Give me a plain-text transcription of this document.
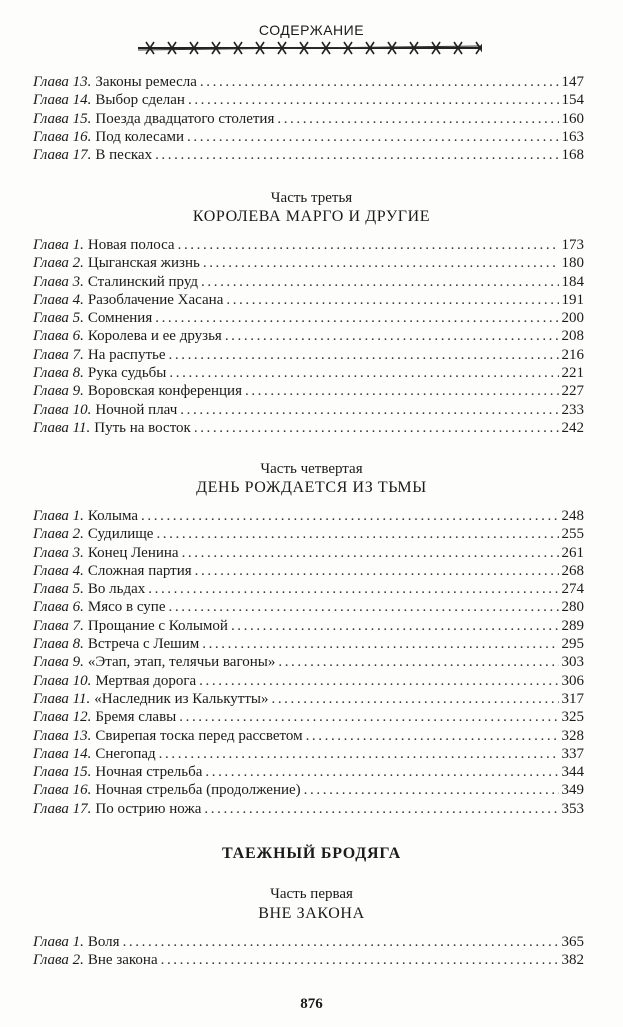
СОДЕРЖАНИЕ
Глава 13. Законы ремесла .....	147
Глава 14. Выбор сделан .....	154
Глава 15. Поезда двадцатого столетия .....	160
Глава 16. Под колесами .....	163
Глава 17. В песках .....	168
Часть третья
КОРОЛЕВА МАРГО И ДРУГИЕ
Глава 1. Новая полоса .....	173
Глава 2. Цыганская жизнь .....	180
Глава 3. Сталинский пруд .....	184
Глава 4. Разоблачение Хасана .....	191
Глава 5. Сомнения .....	200
Глава 6. Королева и ее друзья .....	208
Глава 7. На распутье .....	216
Глава 8. Рука судьбы .....	221
Глава 9. Воровская конференция .....	227
Глава 10. Ночной плач .....	233
Глава 11. Путь на восток .....	242
Часть четвертая
ДЕНЬ РОЖДАЕТСЯ ИЗ ТЬМЫ
Глава 1. Колыма .....	248
Глава 2. Судилище .....	255
Глава 3. Конец Ленина .....	261
Глава 4. Сложная партия .....	268
Глава 5. Во льдах .....	274
Глава 6. Мясо в супе .....	280
Глава 7. Прощание с Колымой .....	289
Глава 8. Встреча с Лешим .....	295
Глава 9. «Этап, этап, телячьи вагоны» .....	303
Глава 10. Мертвая дорога .....	306
Глава 11. «Наследник из Калькутты» .....	317
Глава 12. Бремя славы .....	325
Глава 13. Свирепая тоска перед рассветом .....	328
Глава 14. Снегопад .....	337
Глава 15. Ночная стрельба .....	344
Глава 16. Ночная стрельба (продолжение) .....	349
Глава 17. По острию ножа .....	353
ТАЕЖНЫЙ БРОДЯГА
Часть первая
ВНЕ ЗАКОНА
Глава 1. Воля .....	365
Глава 2. Вне закона .....	382
876
